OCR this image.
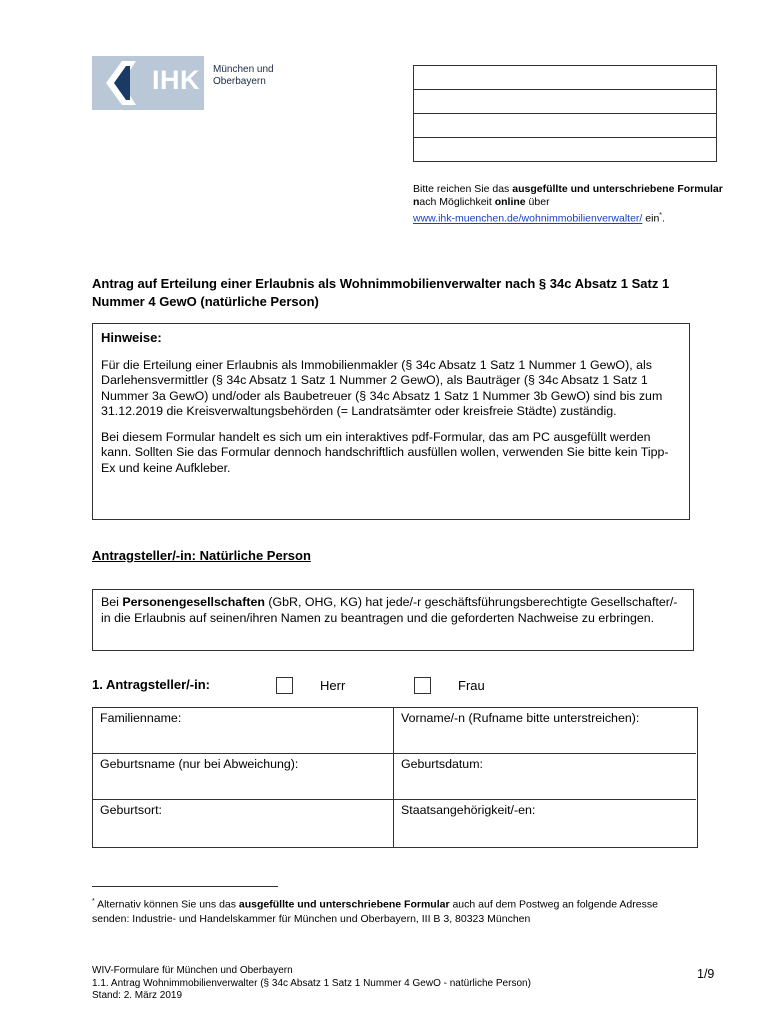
IHK München und
Oberbayern
Bitte reichen Sie das ausgefüllte und unterschriebene Formular nach Möglichkeit online über
www.ihk-muenchen.de/wohnimmobilienverwalter/ ein*.
Antrag auf Erteilung einer Erlaubnis als Wohnimmobilienverwalter nach § 34c Absatz 1 Satz 1 Nummer 4 GewO (natürliche Person)
Hinweise:

Für die Erteilung einer Erlaubnis als Immobilienmakler (§ 34c Absatz 1 Satz 1 Nummer 1 GewO), als Darlehensvermittler (§ 34c Absatz 1 Satz 1 Nummer 2 GewO), als Bauträger (§ 34c Absatz 1 Satz 1 Nummer 3a GewO) und/oder als Baubetreuer (§ 34c Absatz 1 Satz 1 Nummer 3b GewO) sind bis zum 31.12.2019 die Kreisverwaltungsbehörden (= Landratsämter oder kreisfreie Städte) zuständig.

Bei diesem Formular handelt es sich um ein interaktives pdf-Formular, das am PC ausgefüllt werden kann. Sollten Sie das Formular dennoch handschriftlich ausfüllen wollen, verwenden Sie bitte kein Tipp-Ex und keine Aufkleber.

Antragsteller/-in: Natürliche Person
Bei Personengesellschaften (GbR, OHG, KG) hat jede/-r geschäftsführungsberechtigte Gesellschafter/-in die Erlaubnis auf seinen/ihren Namen zu beantragen und die geforderten Nachweise zu erbringen.
1. Antragsteller/-in:	Herr	Frau
Familienname:	Vorname/-n (Rufname bitte unterstreichen):
Geburtsname (nur bei Abweichung):	Geburtsdatum:
Geburtsort:	Staatsangehörigkeit/-en:
* Alternativ können Sie uns das ausgefüllte und unterschriebene Formular auch auf dem Postweg an folgende Adresse senden: Industrie- und Handelskammer für München und Oberbayern, III B 3, 80323 München
WIV-Formulare für München und Oberbayern
1.1. Antrag Wohnimmobilienverwalter (§ 34c Absatz 1 Satz 1 Nummer 4 GewO - natürliche Person)
Stand: 2. März 2019
1/9
